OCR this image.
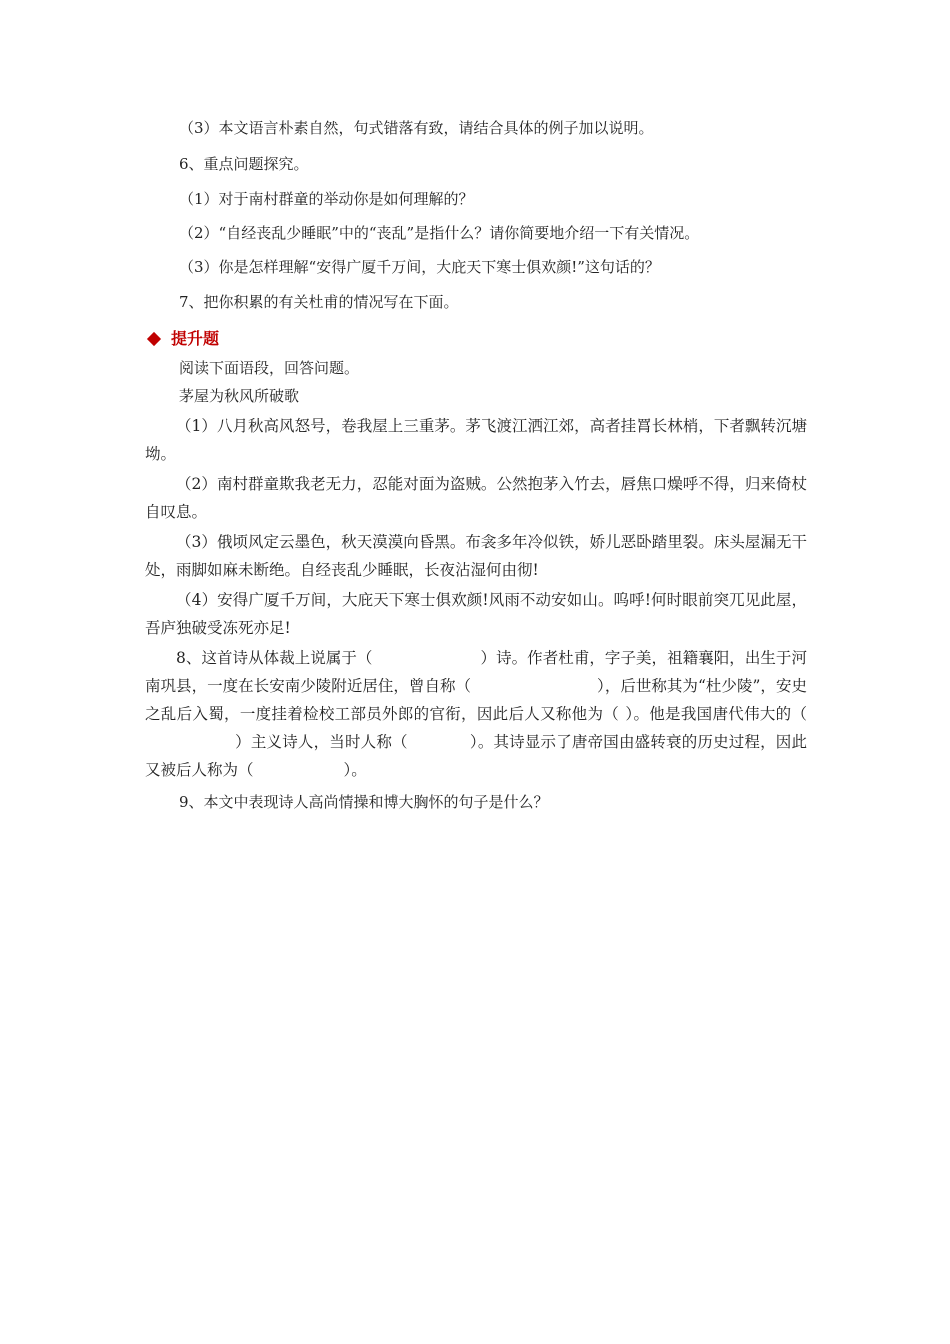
（3）本文语言朴素自然，句式错落有致，请结合具体的例子加以说明。
6、重点问题探究。
（1）对于南村群童的举动你是如何理解的？
（2）“自经丧乱少睡眠”中的“丧乱”是指什么？请你简要地介绍一下有关情况。
（3）你是怎样理解“安得广厦千万间，大庇天下寒士俱欢颜!”这句话的？
7、把你积累的有关杜甫的情况写在下面。
提升题
阅读下面语段，回答问题。
茅屋为秋风所破歌
（1）八月秋高风怒号，卷我屋上三重茅。茅飞渡江洒江郊，高者挂罥长林梢，下者飘转沉塘坳。
（2）南村群童欺我老无力，忍能对面为盗贼。公然抱茅入竹去，唇焦口燥呼不得，归来倚杖自叹息。
（3）俄顷风定云墨色，秋天漠漠向昏黑。布衾多年冷似铁，娇儿恶卧踏里裂。床头屋漏无干处，雨脚如麻未断绝。自经丧乱少睡眠，长夜沾湿何由彻!
（4）安得广厦千万间，大庇天下寒士俱欢颜!风雨不动安如山。呜呼!何时眼前突兀见此屋，吾庐独破受冻死亦足!
8、这首诗从体裁上说属于（	）诗。作者杜甫，字子美，祖籍襄阳，出生于河南巩县，一度在长安南少陵附近居住，曾自称（	），后世称其为“杜少陵”，安史之乱后入蜀，一度挂着检校工部员外郎的官衔，因此后人又称他为（ ）。他是我国唐代伟大的（）主义诗人，当时人称（	）。其诗显示了唐帝国由盛转衰的历史过程，因此又被后人称为（	）。
9、本文中表现诗人高尚情操和博大胸怀的句子是什么？
